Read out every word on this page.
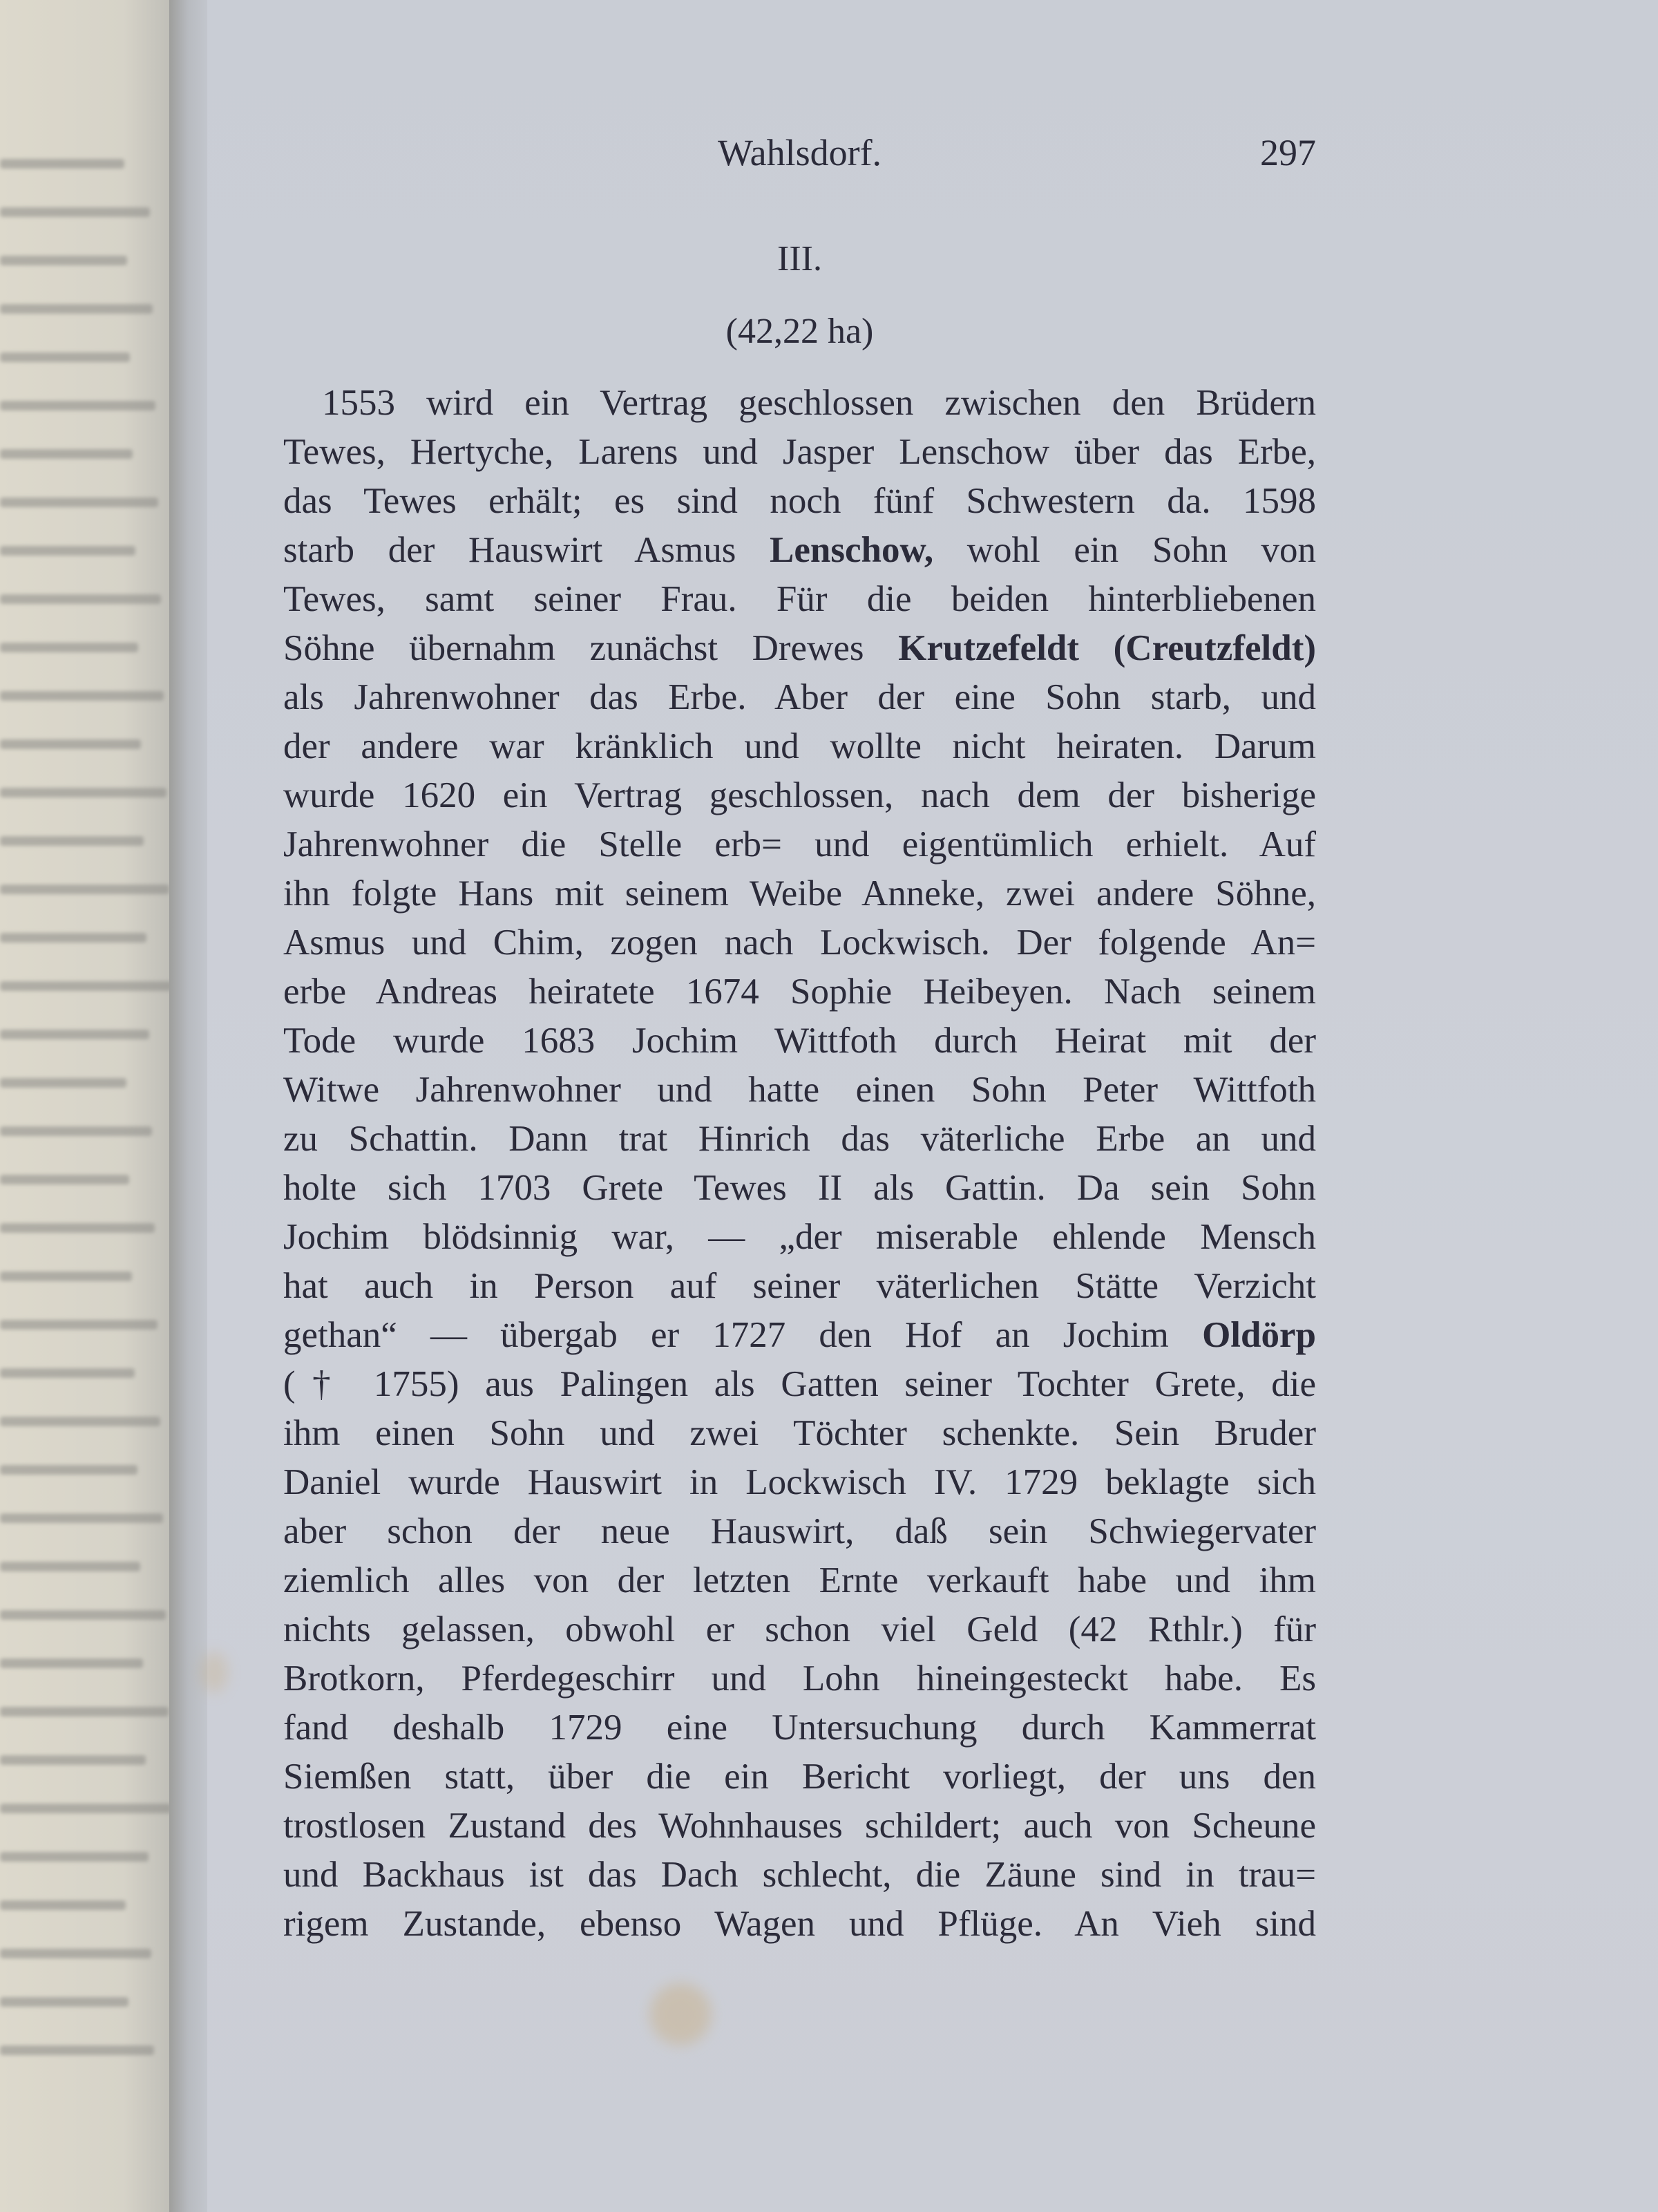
Wahlsdorf.	297
III.
(42,22 ha)
1553 wird ein Vertrag geschlossen zwischen den Brüdern
Tewes, Hertyche, Larens und Jasper Lenschow über das Erbe,
das Tewes erhält; es sind noch fünf Schwestern da. 1598
starb der Hauswirt Asmus Lenschow, wohl ein Sohn von
Tewes, samt seiner Frau. Für die beiden hinterbliebenen
Söhne übernahm zunächst Drewes Krutzefeldt (Creutzfeldt)
als Jahrenwohner das Erbe. Aber der eine Sohn starb, und
der andere war kränklich und wollte nicht heiraten. Darum
wurde 1620 ein Vertrag geschlossen, nach dem der bisherige
Jahrenwohner die Stelle erb= und eigentümlich erhielt. Auf
ihn folgte Hans mit seinem Weibe Anneke, zwei andere Söhne,
Asmus und Chim, zogen nach Lockwisch. Der folgende An=
erbe Andreas heiratete 1674 Sophie Heibeyen. Nach seinem
Tode wurde 1683 Jochim Wittfoth durch Heirat mit der
Witwe Jahrenwohner und hatte einen Sohn Peter Wittfoth
zu Schattin. Dann trat Hinrich das väterliche Erbe an und
holte sich 1703 Grete Tewes II als Gattin. Da sein Sohn
Jochim blödsinnig war, — „der miserable ehlende Mensch
hat auch in Person auf seiner väterlichen Stätte Verzicht
gethan“ — übergab er 1727 den Hof an Jochim Oldörp
(† 1755) aus Palingen als Gatten seiner Tochter Grete, die
ihm einen Sohn und zwei Töchter schenkte. Sein Bruder
Daniel wurde Hauswirt in Lockwisch IV. 1729 beklagte sich
aber schon der neue Hauswirt, daß sein Schwiegervater
ziemlich alles von der letzten Ernte verkauft habe und ihm
nichts gelassen, obwohl er schon viel Geld (42 Rthlr.) für
Brotkorn, Pferdegeschirr und Lohn hineingesteckt habe. Es
fand deshalb 1729 eine Untersuchung durch Kammerrat
Siemßen statt, über die ein Bericht vorliegt, der uns den
trostlosen Zustand des Wohnhauses schildert; auch von Scheune
und Backhaus ist das Dach schlecht, die Zäune sind in trau=
rigem Zustande, ebenso Wagen und Pflüge. An Vieh sind
